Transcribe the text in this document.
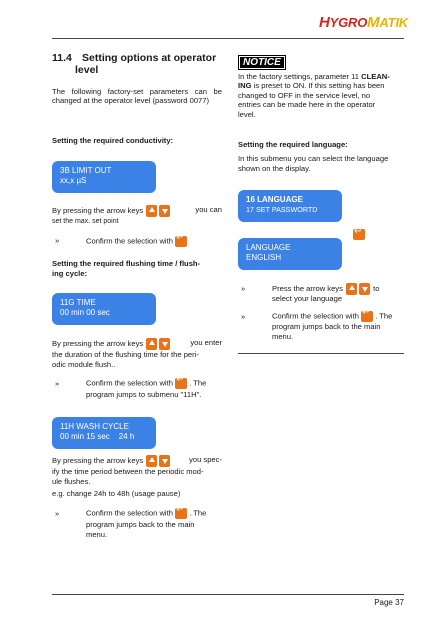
HYGROMATIK
11.4 Setting options at operator
level
The following factory-set parameters can be changed at the operator level (password 0077)
Setting the required conductivity:
3B LIMIT OUT
xx,x µS
By pressing the arrow keys	you can
set the max. set point
»	Confirm the selection with ↵
Setting the required flushing time / flush-
ing cycle:
11G TIME
00 min 00 sec
By pressing the arrow keys	you enter
the duration of the flushing time for the peri-
odic module flush..
»	Confirm the selection with ↵ . The
program jumps to submenu "11H".
11H WASH CYCLE
00 min 15 sec    24 h
By pressing the arrow keys	you spec-
ify the time period between the periodic mod-
ule flushes.
e.g. change 24h to 48h (usage pause)
»	Confirm the selection with ↵ . The
program jumps back to the main
menu.
NOTICE
In the factory settings, parameter 11 CLEAN-
ING is preset to ON. If this setting has been
changed to OFF in the service level, no
entries can be made here in the operator
level.
Setting the required language:
In this submenu you can select the language
shown on the display.
16 LANGUAGE
17 SET PASSWORTD
↵
LANGUAGE
ENGLISH
»	Press the arrow keys	to
select your language
»	Confirm the selection with ↵ . The
program jumps back to the main
menu.
Page 37
